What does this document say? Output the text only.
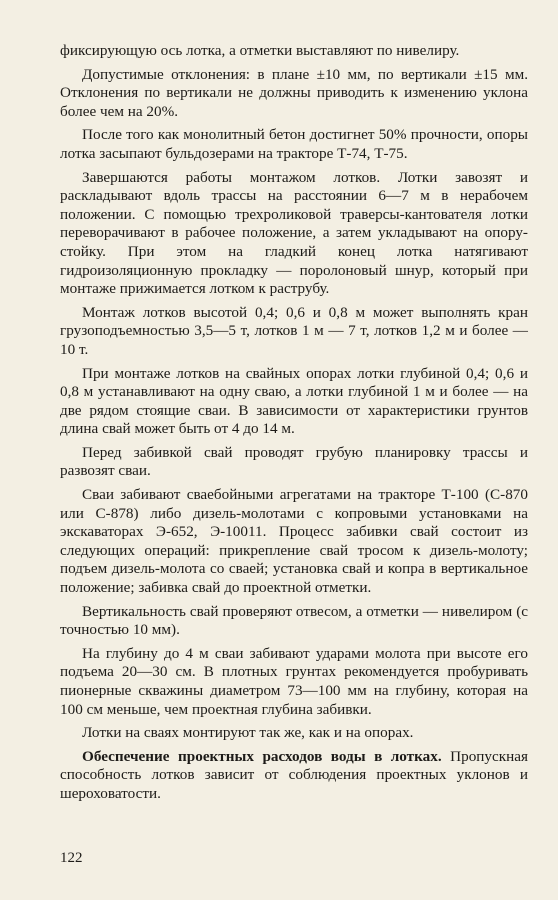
фиксирующую ось лотка, а отметки выставляют по нивелиру.

Допустимые отклонения: в плане ±10 мм, по вертикали ±15 мм. Отклонения по вертикали не должны приводить к изменению уклона более чем на 20%.

После того как монолитный бетон достигнет 50% прочности, опоры лотка засыпают бульдозерами на тракторе Т-74, Т-75.

Завершаются работы монтажом лотков. Лотки завозят и раскладывают вдоль трассы на расстоянии 6—7 м в нерабочем положении. С помощью трехроликовой траверсы-кантователя лотки переворачивают в рабочее положение, а затем укладывают на опору-стойку. При этом на гладкий конец лотка натягивают гидроизоляционную прокладку — поролоновый шнур, который при монтаже прижимается лотком к раструбу.

Монтаж лотков высотой 0,4; 0,6 и 0,8 м может выполнять кран грузоподъемностью 3,5—5 т, лотков 1 м — 7 т, лотков 1,2 м и более — 10 т.

При монтаже лотков на свайных опорах лотки глубиной 0,4; 0,6 и 0,8 м устанавливают на одну сваю, а лотки глубиной 1 м и более — на две рядом стоящие сваи. В зависимости от характеристики грунтов длина свай может быть от 4 до 14 м.

Перед забивкой свай проводят грубую планировку трассы и развозят сваи.

Сваи забивают сваебойными агрегатами на тракторе Т-100 (С-870 или С-878) либо дизель-молотами с копровыми установками на экскаваторах Э-652, Э-10011. Процесс забивки свай состоит из следующих операций: прикрепление свай тросом к дизель-молоту; подъем дизель-молота со сваей; установка свай и копра в вертикальное положение; забивка свай до проектной отметки.

Вертикальность свай проверяют отвесом, а отметки — нивелиром (с точностью 10 мм).

На глубину до 4 м сваи забивают ударами молота при высоте его подъема 20—30 см. В плотных грунтах рекомендуется пробуривать пионерные скважины диаметром 73—100 мм на глубину, которая на 100 см меньше, чем проектная глубина забивки.

Лотки на сваях монтируют так же, как и на опорах.

Обеспечение проектных расходов воды в лотках. Пропускная способность лотков зависит от соблюдения проектных уклонов и шероховатости.

122
